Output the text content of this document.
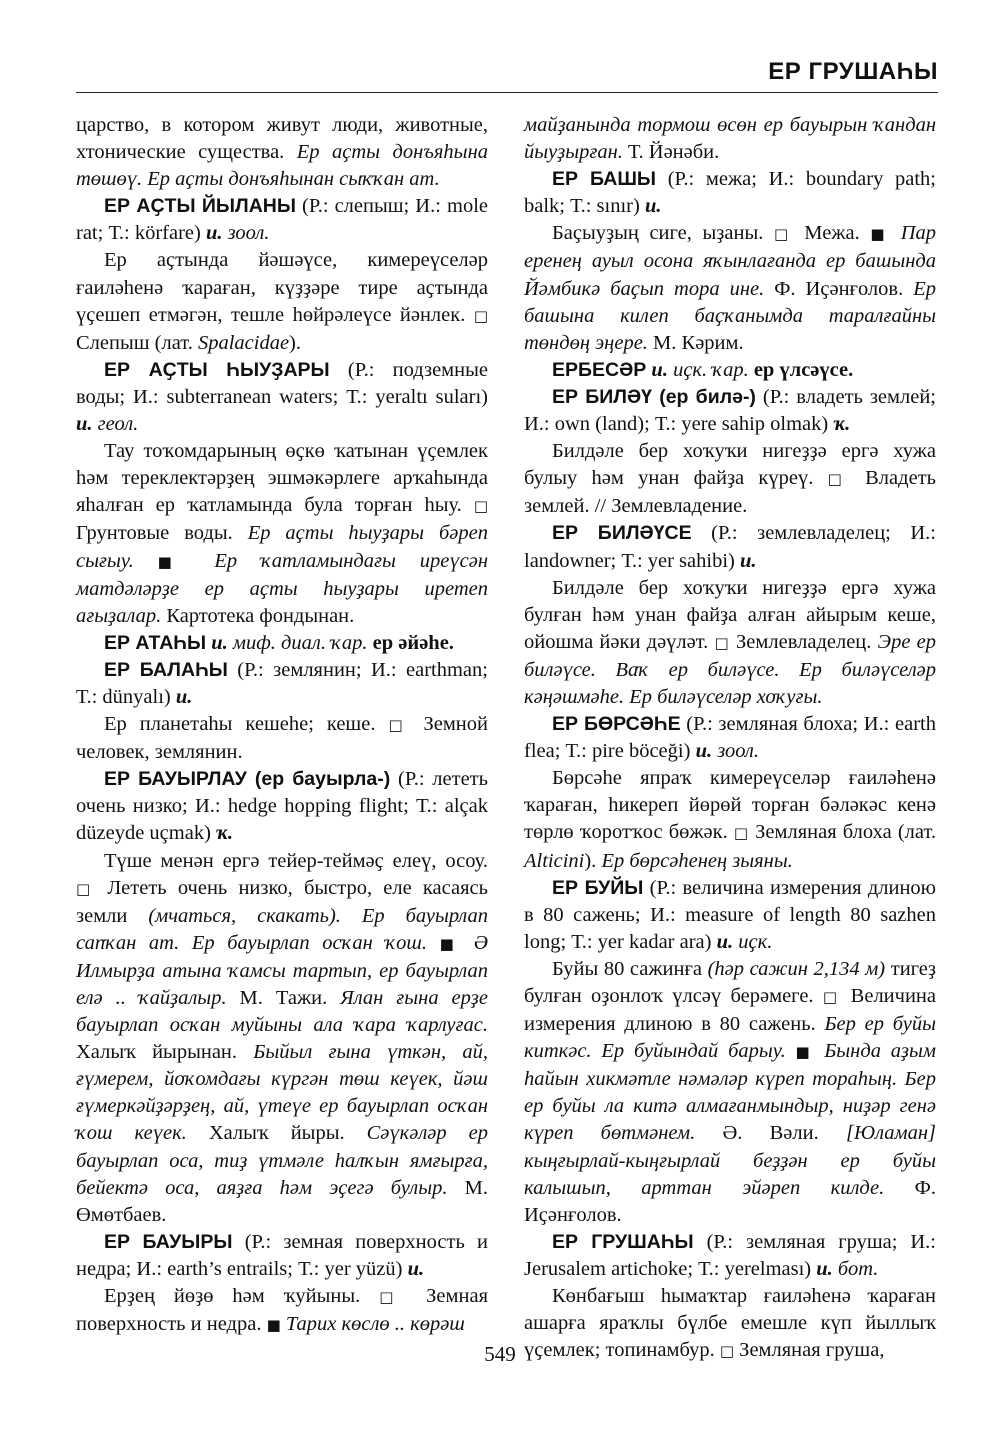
ЕР ГРУШАҺЫ

царство, в котором живут люди, животные, хтонические существа. Ер аҫты донъяһына төшөү. Ер аҫты донъяһынан сыҡҡан ат.

ЕР АҪТЫ ЙЫЛАНЫ (Р.: слепыш; И.: mole rat; Т.: körfare) и. зоол.

Ер аҫтында йәшәүсе, кимереүселәр ғаиләһенә ҡараған, күҙҙәре тире аҫтында үҫешеп етмәгән, тешле һөйрәлеүсе йәнлек. □ Слепыш (лат. Spalacidae).

ЕР АҪТЫ ҺЫУҘАРЫ (Р.: подземные воды; И.: subterranean waters; Т.: yeraltı suları) и. геол.

Тау тоҡомдарының өҫкө ҡатынан үҫемлек һәм тереклектәрҙең эшмәкәрлеге арҡаһында яһалған ер ҡатламында була торған һыу. □ Грунтовые воды. Ер аҫты һыуҙары бәреп сығыу. ■ Ер ҡатламындағы иреүсән матдәләрҙе ер аҫты һыуҙары иретеп ағыҙалар. Картотека фондынан.

ЕР АТАҺЫ и. миф. диал. ҡар. ер әйәһе.

ЕР БАЛАҺЫ (Р.: землянин; И.: earthman; Т.: dünyalı) и.

Ер планетаһы кешеһе; кеше. □ Земной человек, землянин.

ЕР БАУЫРЛАУ (ер бауырла-) (Р.: лететь очень низко; И.: hedge hopping flight; Т.: alçak düzeyde uçmak) ҡ.

Түше менән ергә тейер-теймәҫ елеү, осоу. □ Лететь очень низко, быстро, еле касаясь земли (мчаться, скакать). Ер бауырлап сапҡан ат. Ер бауырлап осҡан ҡош. ■ Ә Илмырҙа атына ҡамсы тартып, ер бауырлап елә .. ҡайҙалыр. М. Тажи. Ялан ғына ерҙе бауырлап осҡан муйыны ала ҡара ҡарлуғас. Халыҡ йырынан. Быйыл ғына үткән, ай, ғүмерем, йоҡомдағы күргән төш кеүек, йәш ғүмеркәйҙәрҙең, ай, үтеүе ер бауырлап осҡан ҡош кеүек. Халыҡ йыры. Сәүкәләр ер бауырлап оса, тиҙ үтмәле һалҡын ямғырға, бейектә оса, аяҙға һәм эҫегә булыр. М. Өмөтбаев.

ЕР БАУЫРЫ (Р.: земная поверхность и недра; И.: earth’s entrails; Т.: yer yüzü) и.

Ерҙең йөҙө һәм ҡуйыны. □ Земная поверхность и недра. ■ Тарих көслө .. көрәш

майҙанында тормош өсөн ер бауырын ҡандан йыуҙырған. Т. Йәнәби.

ЕР БАШЫ (Р.: межа; И.: boundary path; balk; Т.: sınır) и.

Баҫыуҙың сиге, ыҙаны. □ Межа. ■ Пар еренең ауыл осона яҡынлағанда ер башында Йәмбикә баҫып тора ине. Ф. Иҫәнғолов. Ер башына килеп баҫҡанымда таралғайны төндөң эңере. М. Кәрим.

ЕРБЕСӘР и. иҫк. ҡар. ер үлсәүсе.

ЕР БИЛӘҮ (ер билә-) (Р.: владеть землей; И.: own (land); Т.: yere sahip olmak) ҡ.

Билдәле бер хоҡуҡи нигеҙҙә ергә хужа булыу һәм унан файҙа күреү. □ Владеть землей. // Землевладение.

ЕР БИЛӘҮСЕ (Р.: землевладелец; И.: landowner; Т.: yer sahibi) и.

Билдәле бер хоҡуҡи нигеҙҙә ергә хужа булған һәм унан файҙа алған айырым кеше, ойошма йәки дәүләт. □ Землевладелец. Эре ер биләүсе. Ваҡ ер биләүсе. Ер биләүселәр кәңәшмәһе. Ер биләүселәр хоҡуғы.

ЕР БӨРСӘҺЕ (Р.: земляная блоха; И.: earth flea; Т.: pire böceği) и. зоол.

Бөрсәһе япраҡ кимереүселәр ғаиләһенә ҡараған, һикереп йөрөй торған бәләкәс кенә төрлө ҡоротҡос бөжәк. □ Земляная блоха (лат. Alticini). Ер бөрсәһенең зыяны.

ЕР БУЙЫ (Р.: величина измерения длиною в 80 сажень; И.: measure of length 80 sazhen long; Т.: yer kadar ara) и. иҫк.

Буйы 80 сажинға (һәр сажин 2,134 м) тигеҙ булған оҙонлоҡ үлсәү берәмеге. □ Величина измерения длиною в 80 сажень. Бер ер буйы киткәс. Ер буйындай барыу. ■ Бында аҙым һайын хикмәтле нәмәләр күреп тораһың. Бер ер буйы ла китә алмағанмындыр, ниҙәр генә күреп бөтмәнем. Ә. Вәли. [Юламан] кыңғырлай-кыңғырлай беҙҙән ер буйы калышып, арттан эйәреп килде. Ф. Иҫәнғолов.

ЕР ГРУШАҺЫ (Р.: земляная груша; И.: Jerusalem artichoke; Т.: yerelması) и. бот.

Көнбағыш һымаҡтар ғаиләһенә ҡараған ашарға яраҡлы бүлбе емешле күп йыллыҡ үҫемлек; топинамбур. □ Земляная груша,

549
